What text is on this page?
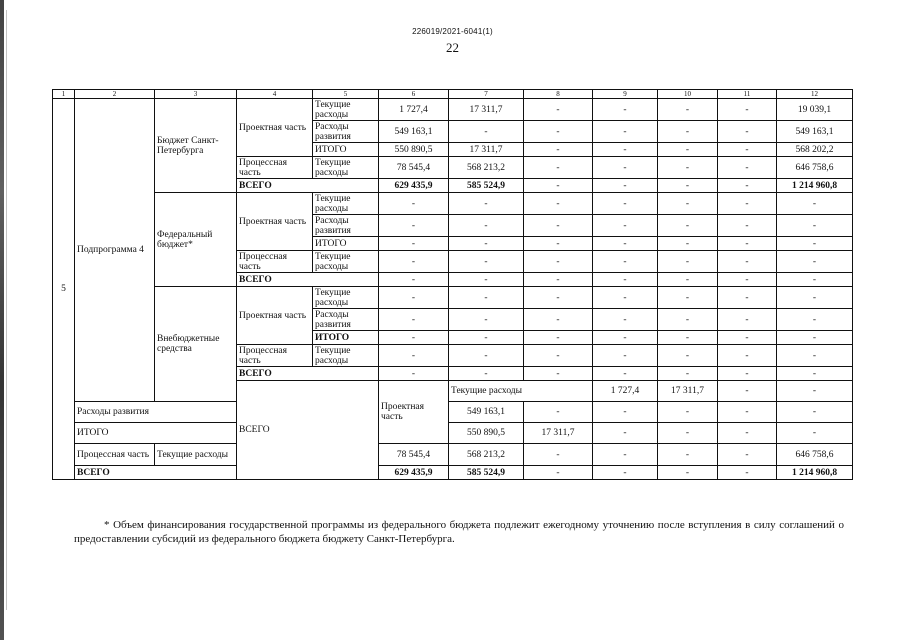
226019/2021-6041(1)
22
1	2	3	4	5	6	7	8	9	10	11	12	
5	Подпрограмма 4	Бюджет Санкт-Петербурга	Проектная часть	Текущие расходы	1 727,4	17 311,7	-	-	-	-	19 039,1	
				Расходы развития	549 163,1	-	-	-	-	-	549 163,1	
				ИТОГО	550 890,5	17 311,7	-	-	-	-	568 202,2	
			Процессная часть	Текущие расходы	78 545,4	568 213,2	-	-	-	-	646 758,6	
			ВСЕГО		629 435,9	585 524,9	-	-	-	-	1 214 960,8	
		Федеральный бюджет*	Проектная часть	Текущие расходы	-	-	-	-	-	-	-	
				Расходы развития	-	-	-	-	-	-	-	
				ИТОГО	-	-	-	-	-	-	-	
			Процессная часть	Текущие расходы	-	-	-	-	-	-	-	
			ВСЕГО		-	-	-	-	-	-	-	
		Внебюджетные средства	Проектная часть	Текущие расходы	-	-	-	-	-	-	-	
				Расходы развития	-	-	-	-	-	-	-	
				ИТОГО	-	-	-	-	-	-	-	
			Процессная часть	Текущие расходы	-	-	-	-	-	-	-	
			ВСЕГО		-	-	-	-	-	-	-	
			ВСЕГО		Проектная часть	Текущие расходы		1 727,4	17 311,7	-	-			
	Расходы развития					549 163,1	-	-	-	-	-	
	ИТОГО					550 890,5	17 311,7	-	-	-	-	
	Процессная часть	Текущие расходы			78 545,4	568 213,2	-	-	-	-	646 758,6	
	ВСЕГО				629 435,9	585 524,9	-	-	-	-	1 214 960,8	
* Объем финансирования государственной программы из федерального бюджета подлежит ежегодному уточнению после вступления в силу соглашений о предоставлении субсидий из федерального бюджета бюджету Санкт-Петербурга.
